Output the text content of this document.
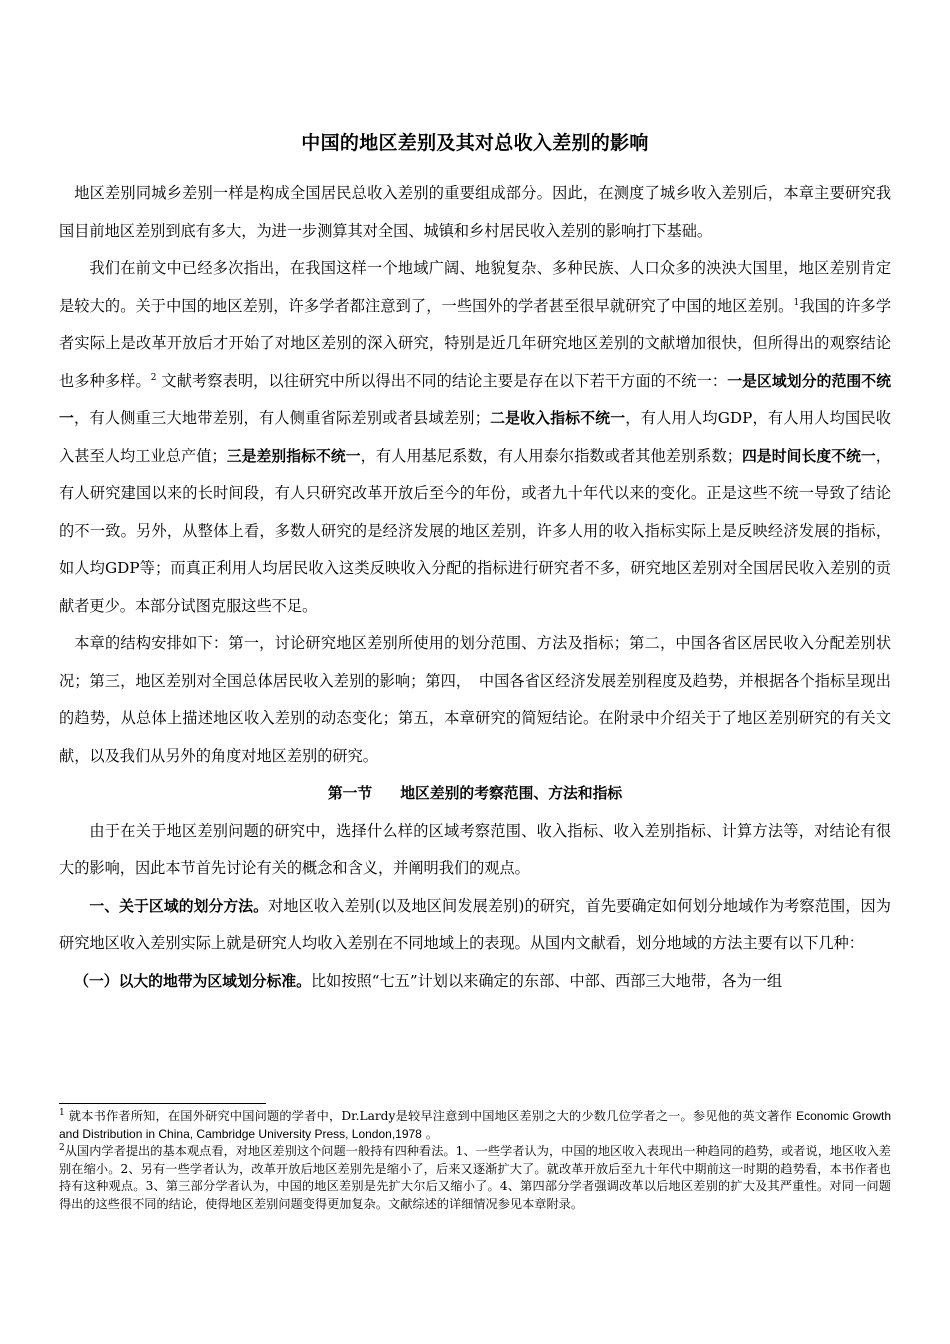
中国的地区差别及其对总收入差别的影响

地区差别同城乡差别一样是构成全国居民总收入差别的重要组成部分。因此，在测度了城乡收入差别后，本章主要研究我国目前地区差别到底有多大，为进一步测算其对全国、城镇和乡村居民收入差别的影响打下基础。

我们在前文中已经多次指出，在我国这样一个地域广阔、地貌复杂、多种民族、人口众多的泱泱大国里，地区差别肯定是较大的。关于中国的地区差别，许多学者都注意到了，一些国外的学者甚至很早就研究了中国的地区差别。$^1$我国的许多学者实际上是改革开放后才开始了对地区差别的深入研究，特别是近几年研究地区差别的文献增加很快，但所得出的观察结论也多种多样。$^2$ 文献考察表明，以往研究中所以得出不同的结论主要是存在以下若干方面的不统一：一是区域划分的范围不统一，有人侧重三大地带差别，有人侧重省际差别或者县域差别；二是收入指标不统一，有人用人均GDP，有人用人均国民收入甚至人均工业总产值；三是差别指标不统一，有人用基尼系数，有人用泰尔指数或者其他差别系数；四是时间长度不统一，有人研究建国以来的长时间段，有人只研究改革开放后至今的年份，或者九十年代以来的变化。正是这些不统一导致了结论的不一致。另外，从整体上看，多数人研究的是经济发展的地区差别，许多人用的收入指标实际上是反映经济发展的指标，如人均GDP等；而真正利用人均居民收入这类反映收入分配的指标进行研究者不多，研究地区差别对全国居民收入差别的贡献者更少。本部分试图克服这些不足。

本章的结构安排如下：第一，讨论研究地区差别所使用的划分范围、方法及指标；第二，中国各省区居民收入分配差别状况；第三，地区差别对全国总体居民收入差别的影响；第四，　中国各省区经济发展差别程度及趋势，并根据各个指标呈现出的趋势，从总体上描述地区收入差别的动态变化；第五，本章研究的简短结论。在附录中介绍关于了地区差别研究的有关文献，以及我们从另外的角度对地区差别的研究。

第一节 地区差别的考察范围、方法和指标

由于在关于地区差别问题的研究中，选择什么样的区域考察范围、收入指标、收入差别指标、计算方法等，对结论有很大的影响，因此本节首先讨论有关的概念和含义，并阐明我们的观点。

一、关于区域的划分方法。对地区收入差别(以及地区间发展差别)的研究，首先要确定如何划分地域作为考察范围，因为研究地区收入差别实际上就是研究人均收入差别在不同地域上的表现。从国内文献看，划分地域的方法主要有以下几种：

（一）以大的地带为区域划分标准。比如按照“七五”计划以来确定的东部、中部、西部三大地带，各为一组

$^1$ 就本书作者所知，在国外研究中国问题的学者中，Dr.Lardy是较早注意到中国地区差别之大的少数几位学者之一。参见他的英文著作 Economic Growth and Distribution in China, Cambridge University Press, London,1978 。

$^2$从国内学者提出的基本观点看，对地区差别这个问题一般持有四种看法。1、一些学者认为，中国的地区收入表现出一种趋同的趋势，或者说，地区收入差别在缩小。2、另有一些学者认为，改革开放后地区差别先是缩小了，后来又逐渐扩大了。就改革开放后至九十年代中期前这一时期的趋势看，本书作者也持有这种观点。3、第三部分学者认为，中国的地区差别是先扩大尔后又缩小了。4、第四部分学者强调改革以后地区差别的扩大及其严重性。对同一问题得出的这些很不同的结论，使得地区差别问题变得更加复杂。文献综述的详细情况参见本章附录。
